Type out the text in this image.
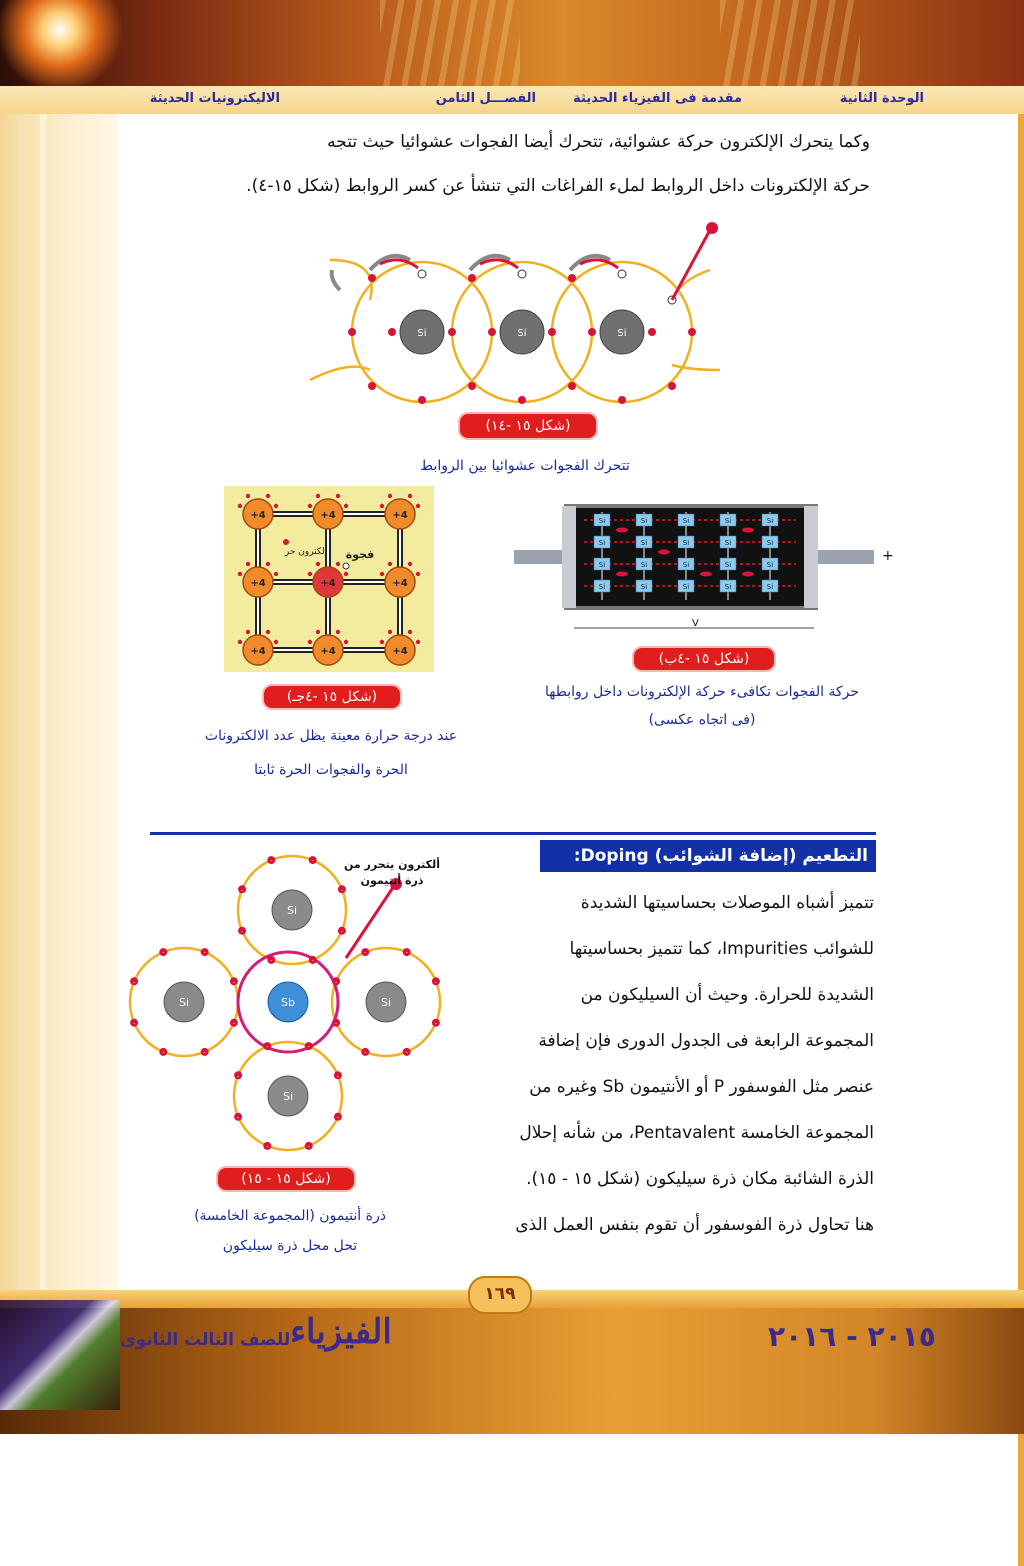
الوحدة الثانية
مقدمة فى الفيزياء الحديثة
الفصـــل الثامن
الاليكترونيات الحديثة
وكما يتحرك الإلكترون حركة عشوائية، تتحرك أيضا الفجوات عشوائيا حيث تتجه
حركة الإلكترونات داخل الروابط لملء الفراغات التي تنشأ عن كسر الروابط (شكل ١٥-٤).
Si	Si	Si
(شكل ١٥ -١٤)
تتحرك الفجوات عشوائيا بين الروابط
Si	Si	Si	Si	Si
Si	Si	Si	Si	Si
Si	Si	Si	Si	Si
Si	Si	Si	Si	Si
+
V
(شكل ١٥ -٤ب)
حركة الفجوات تكافىء حركة الإلكترونات داخل روابطها
(فى اتجاه عكسى)
+4	+4	+4
+4	+4	+4
+4	+4	+4
الكترون حر فجوة
(شكل ١٥ -٤جـ)
عند درجة حرارة معينة يظل عدد الالكترونات
الحرة والفجوات الحرة ثابتا
التطعيم (إضافة الشوائب) Doping:

تتميز أشباه الموصلات بحساسيتها الشديدة

للشوائب Impurities، كما تتميز بحساسيتها

الشديدة للحرارة. وحيث أن السيليكون من

المجموعة الرابعة فى الجدول الدورى فإن إضافة

عنصر مثل الفوسفور P أو الأنتيمون Sb وغيره من

المجموعة الخامسة Pentavalent، من شأنه إحلال

الذرة الشائبة مكان ذرة سيليكون (شكل ١٥ - ١٥).

هنا تحاول ذرة الفوسفور أن تقوم بنفس العمل الذى

-
-
-
-
-
-	-
-
-
-
-
-
-
-	-
-
-
-
-
-
-
-	-
-
-
-
-
-
-
-	-
-
Si
Si	Si
Si
Sb
ألكترون يتحرر من
ذرة أنتيمون
(شكل ١٥ - ١٥)
ذرة أنتيمون (المجموعة الخامسة)
تحل محل ذرة سيليكون
١٦٩
الفيزياء
للصف الثالث الثانوى	٢٠١٥ - ٢٠١٦
